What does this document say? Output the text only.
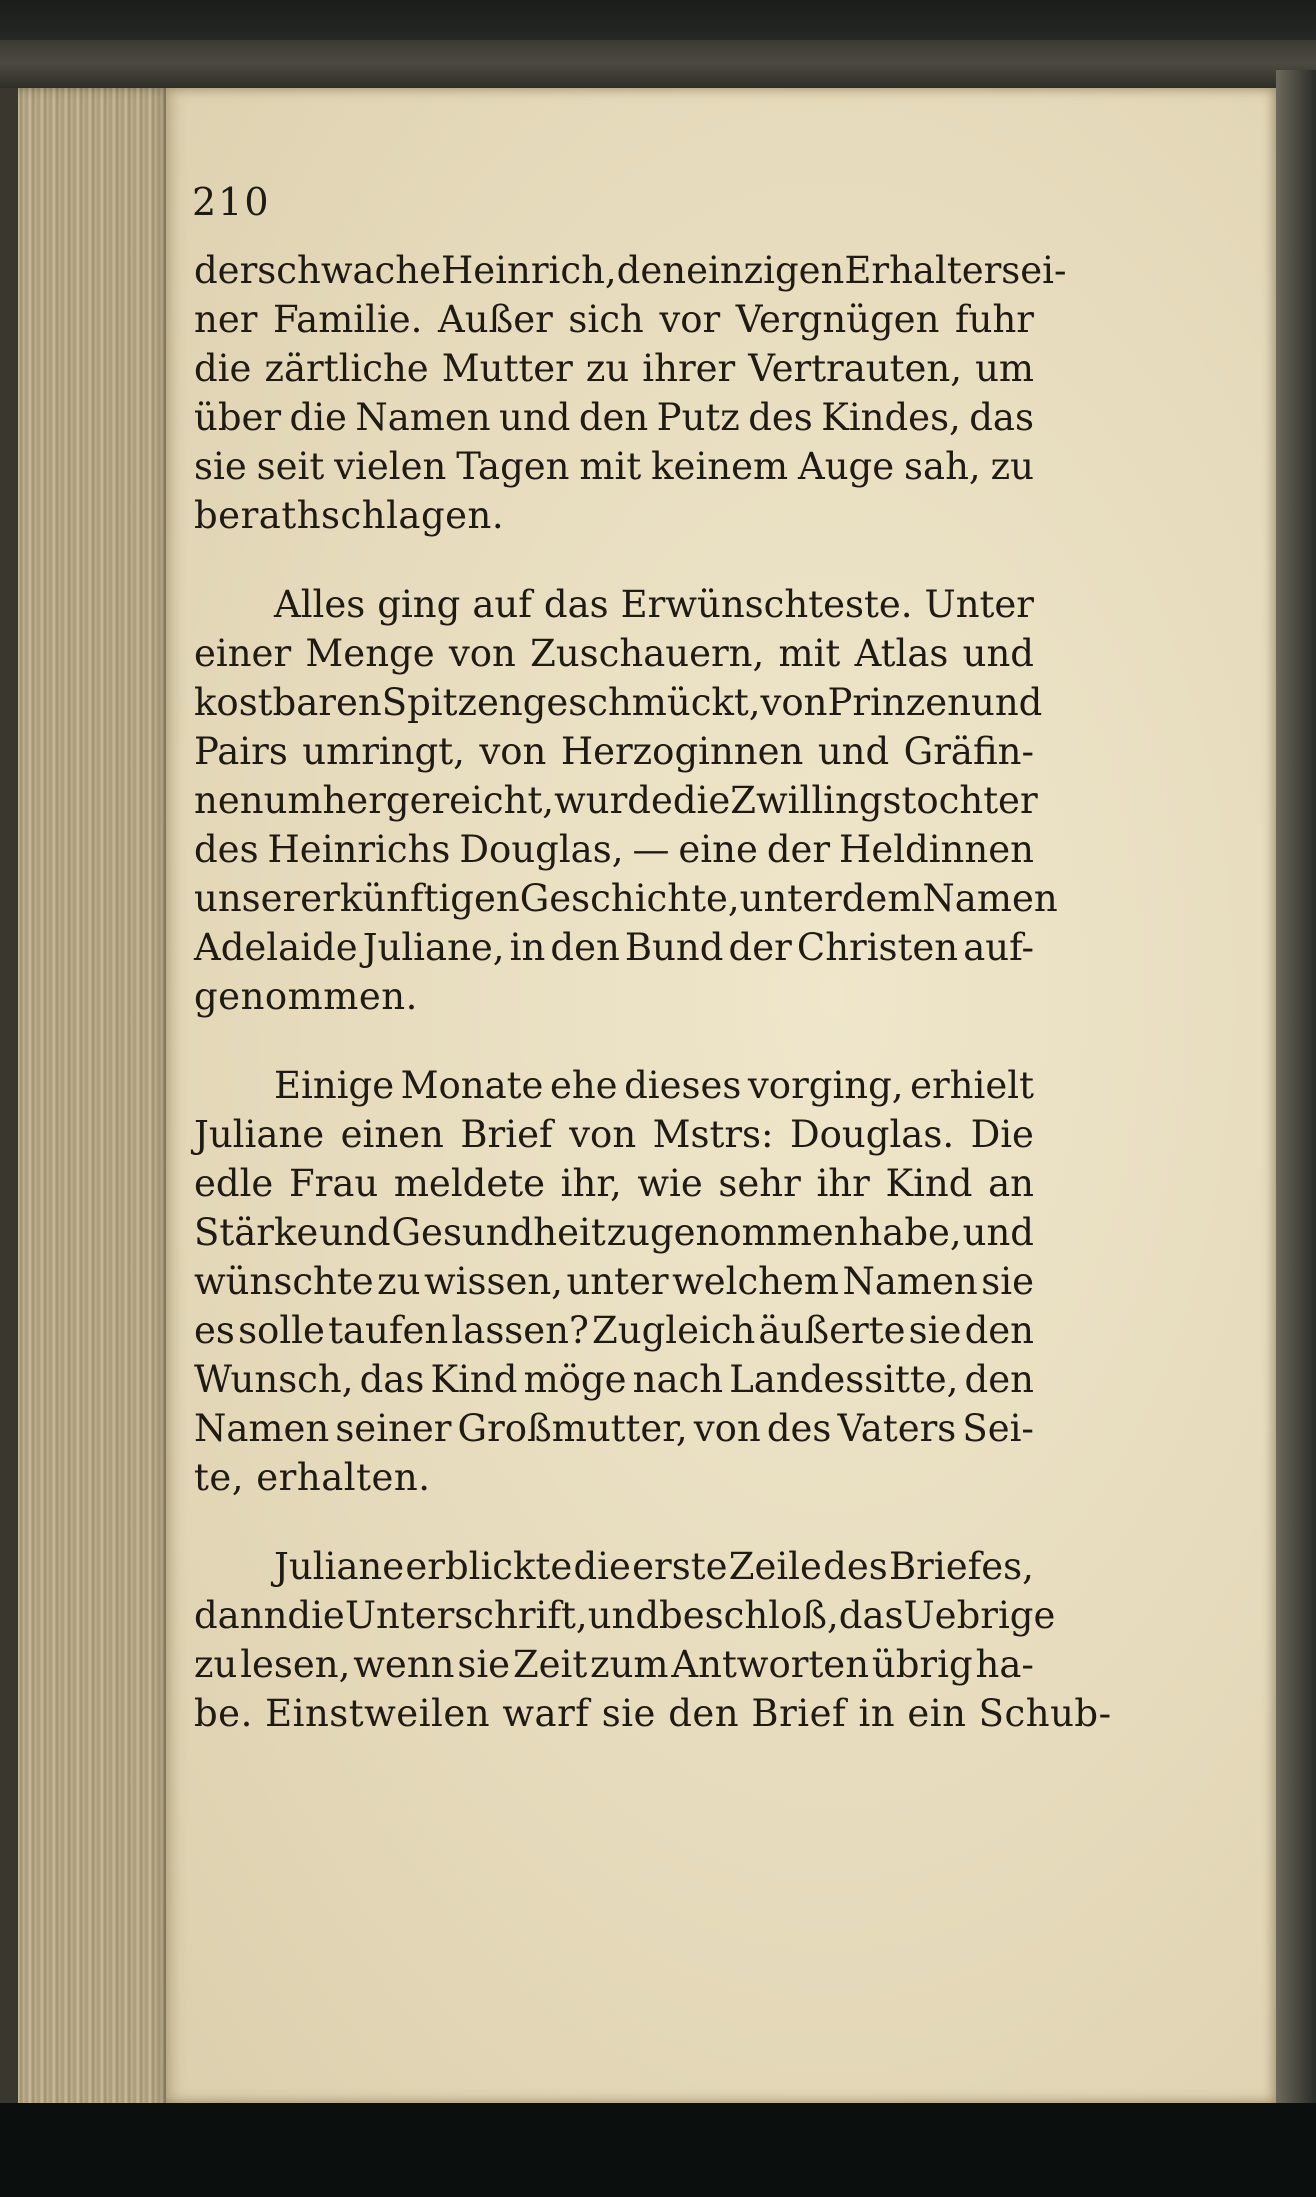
210
der schwache Heinrich, den einzigen Erhalter sei-
ner Familie. Außer sich vor Vergnügen fuhr
die zärtliche Mutter zu ihrer Vertrauten, um
über die Namen und den Putz des Kindes, das
sie seit vielen Tagen mit keinem Auge sah, zu
berathschlagen.
Alles ging auf das Erwünschteste. Unter
einer Menge von Zuschauern, mit Atlas und
kostbaren Spitzen geschmückt, von Prinzen und
Pairs umringt, von Herzoginnen und Gräfin-
nen umhergereicht, wurde die Zwillingstochter
des Heinrichs Douglas, — eine der Heldinnen
unserer künftigen Geschichte, unter dem Namen
Adelaide Juliane, in den Bund der Christen auf-
genommen.
Einige Monate ehe dieses vorging, erhielt
Juliane einen Brief von Mstrs: Douglas. Die
edle Frau meldete ihr, wie sehr ihr Kind an
Stärke und Gesundheit zugenommen habe, und
wünschte zu wissen, unter welchem Namen sie
es solle taufen lassen? Zugleich äußerte sie den
Wunsch, das Kind möge nach Landessitte, den
Namen seiner Großmutter, von des Vaters Sei-
te, erhalten.
Juliane erblickte die erste Zeile des Briefes,
dann die Unterschrift, und beschloß, das Uebrige
zu lesen, wenn sie Zeit zum Antworten übrig ha-
be. Einstweilen warf sie den Brief in ein Schub-
